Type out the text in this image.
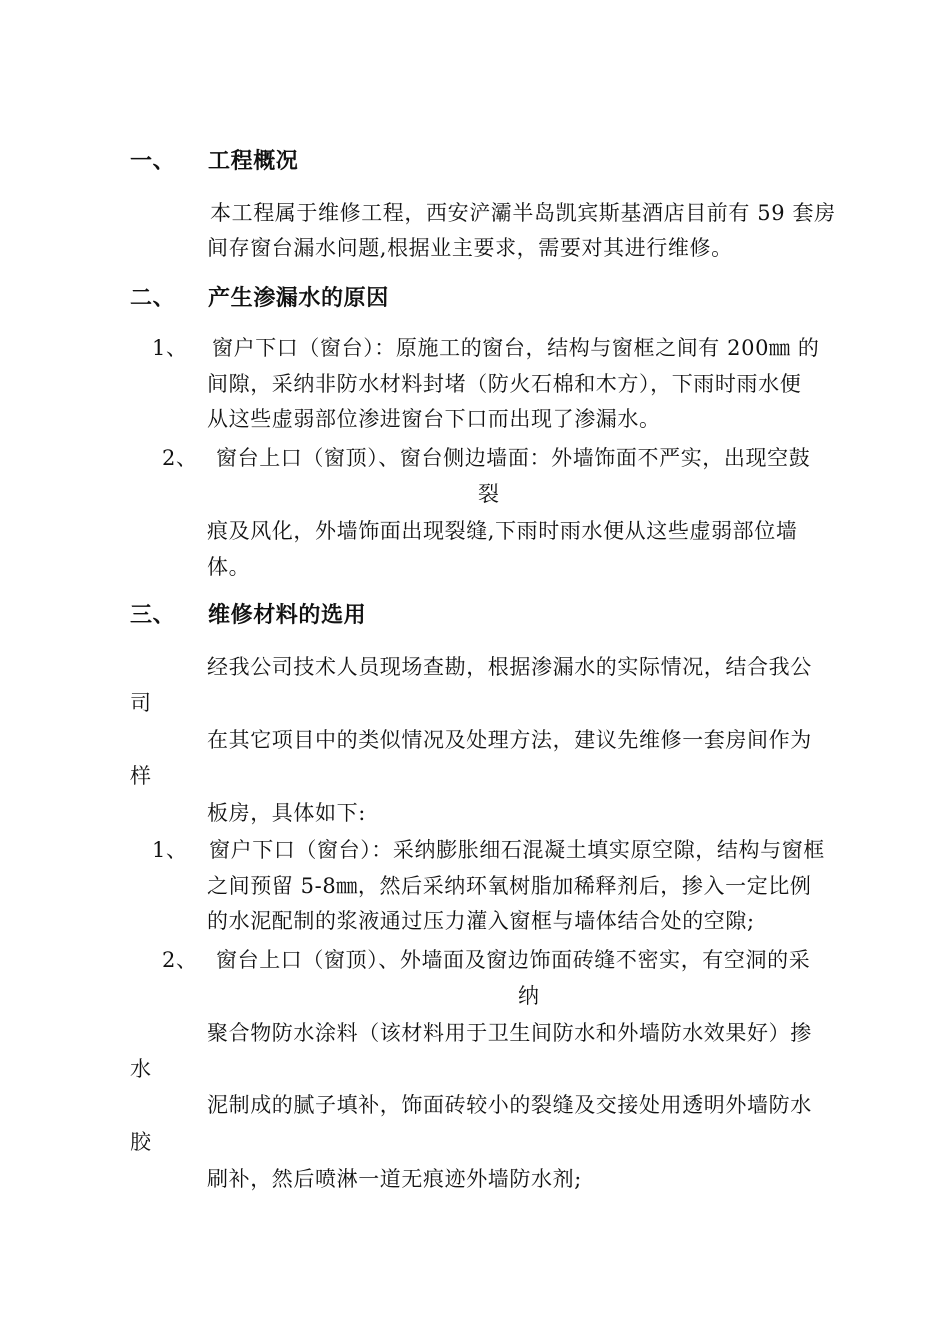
一、 工程概况
本工程属于维修工程，西安浐灞半岛凯宾斯基酒店目前有 59 套房
间存窗台漏水问题,根据业主要求，需要对其进行维修。
二、 产生渗漏水的原因
1、 窗户下口（窗台）：原施工的窗台，结构与窗框之间有 200㎜ 的
间隙，采纳非防水材料封堵（防火石棉和木方），下雨时雨水便
从这些虚弱部位渗进窗台下口而出现了渗漏水。
2、 窗台上口（窗顶）、窗台侧边墙面：外墙饰面不严实，出现空鼓
裂
痕及风化，外墙饰面出现裂缝,下雨时雨水便从这些虚弱部位墙
体。
三、 维修材料的选用
经我公司技术人员现场查勘，根据渗漏水的实际情况，结合我公
司
在其它项目中的类似情况及处理方法，建议先维修一套房间作为
样
板房，具体如下:
1、 窗户下口（窗台）：采纳膨胀细石混凝土填实原空隙，结构与窗框
之间预留 5-8㎜，然后采纳环氧树脂加稀释剂后，掺入一定比例
的水泥配制的浆液通过压力灌入窗框与墙体结合处的空隙;
2、 窗台上口（窗顶）、外墙面及窗边饰面砖缝不密实，有空洞的采
纳
聚合物防水涂料（该材料用于卫生间防水和外墙防水效果好）掺
水
泥制成的腻子填补，饰面砖较小的裂缝及交接处用透明外墙防水
胶
刷补，然后喷淋一道无痕迹外墙防水剂;
